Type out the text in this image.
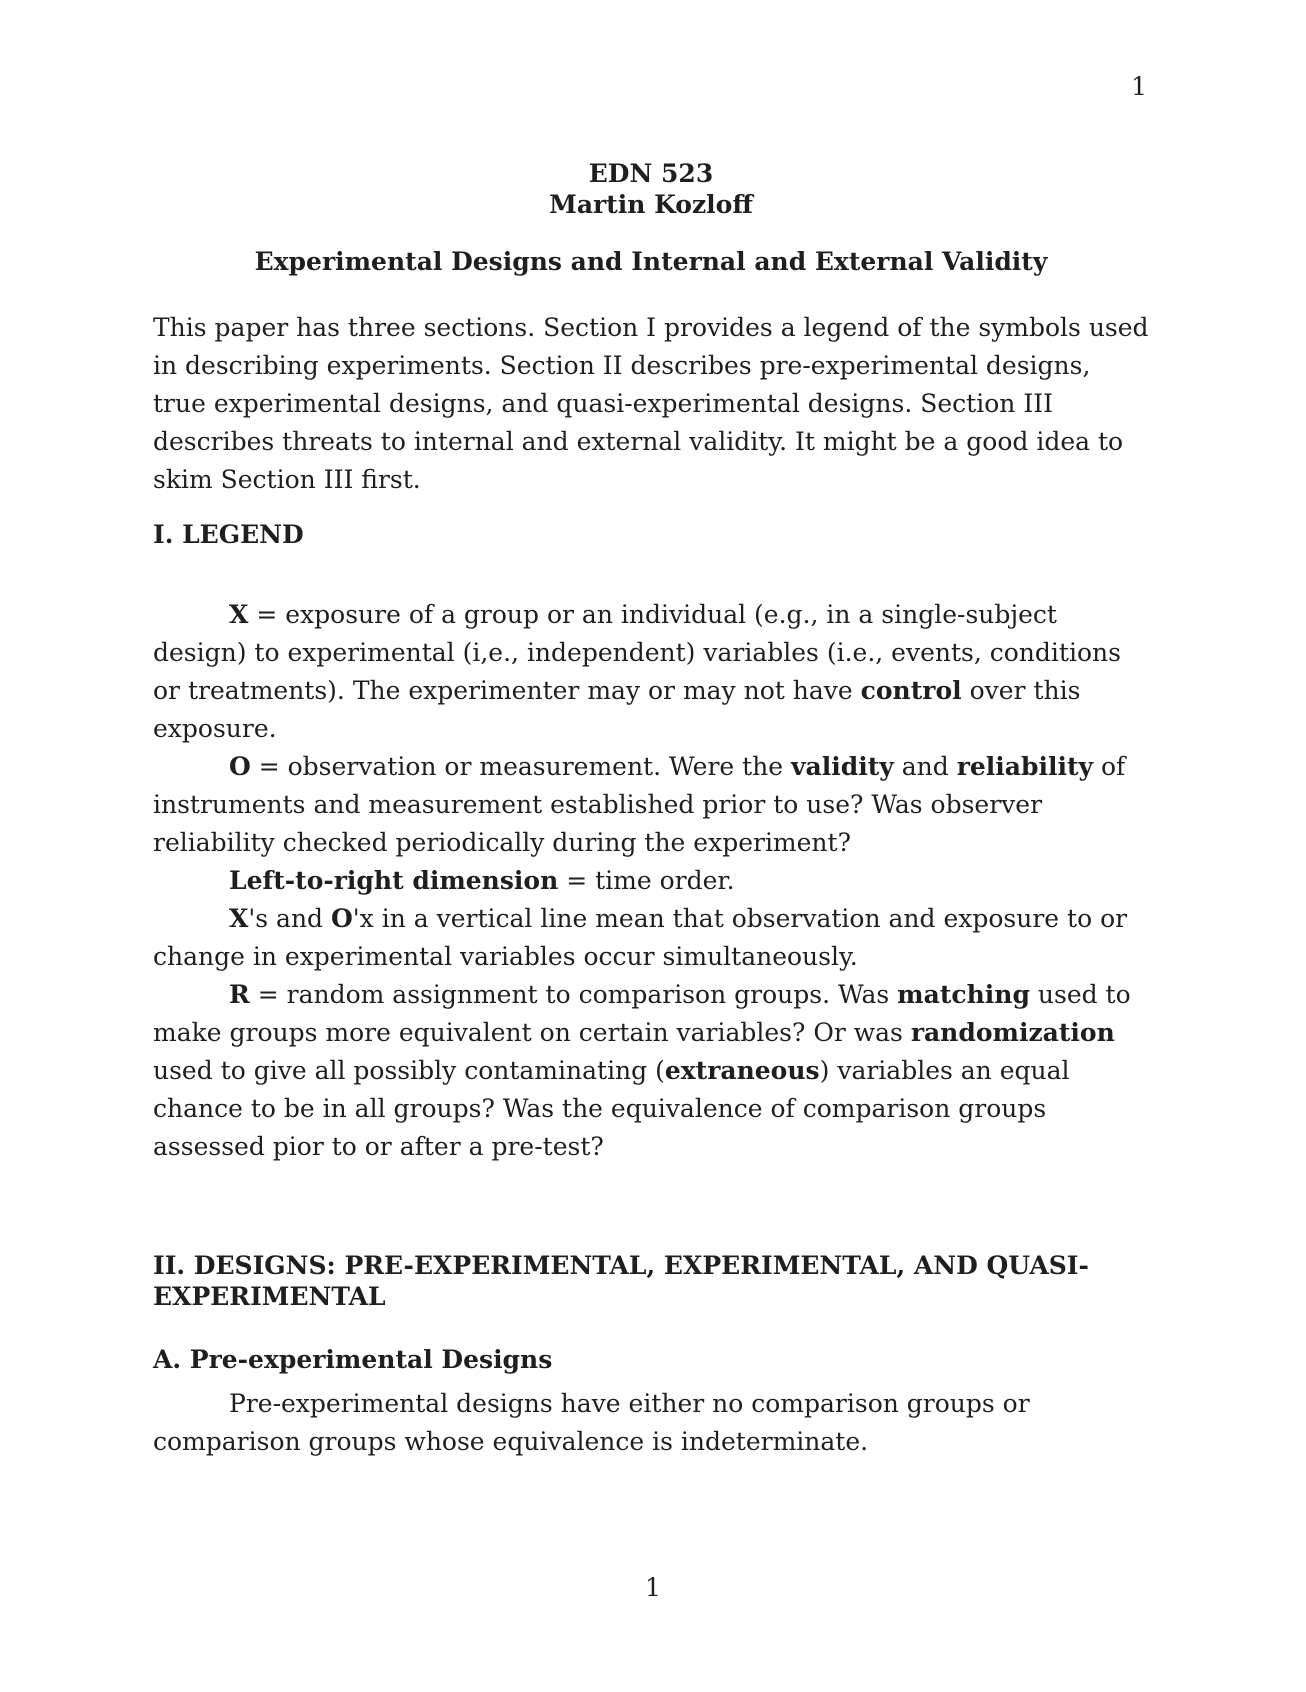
1
EDN 523
Martin Kozloff
Experimental Designs and Internal and External Validity
This paper has three sections. Section I provides a legend of the symbols used in describing experiments. Section II describes pre-experimental designs, true experimental designs, and quasi-experimental designs. Section III describes threats to internal and external validity. It might be a good idea to skim Section III first.
I. LEGEND
X = exposure of a group or an individual (e.g., in a single-subject design) to experimental (i,e., independent) variables (i.e., events, conditions or treatments). The experimenter may or may not have control over this exposure.
O = observation or measurement. Were the validity and reliability of instruments and measurement established prior to use? Was observer reliability checked periodically during the experiment?
Left-to-right dimension = time order.
X's and O'x in a vertical line mean that observation and exposure to or change in experimental variables occur simultaneously.
R = random assignment to comparison groups. Was matching used to make groups more equivalent on certain variables? Or was randomization used to give all possibly contaminating (extraneous) variables an equal chance to be in all groups? Was the equivalence of comparison groups assessed pior to or after a pre-test?
II. DESIGNS: PRE-EXPERIMENTAL, EXPERIMENTAL, AND QUASI-EXPERIMENTAL
A. Pre-experimental Designs
Pre-experimental designs have either no comparison groups or comparison groups whose equivalence is indeterminate.
1
